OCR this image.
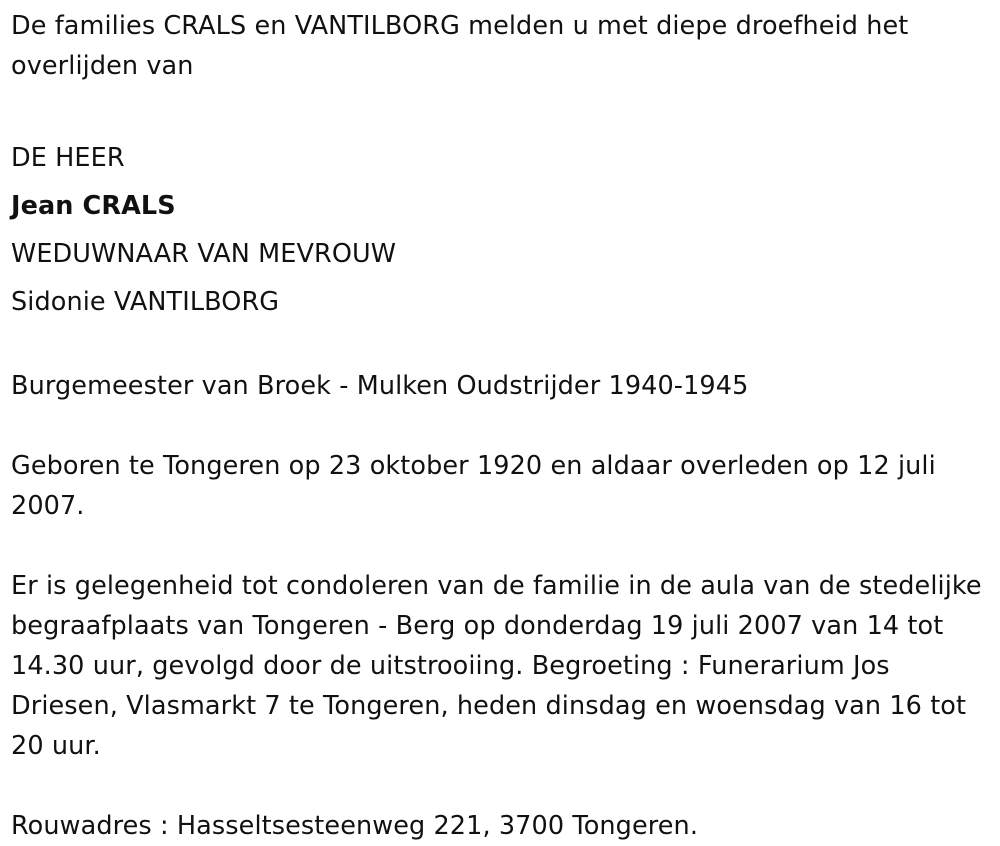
De families CRALS en VANTILBORG melden u met diepe droefheid het overlijden van

DE HEER
Jean CRALS
WEDUWNAAR VAN MEVROUW
Sidonie VANTILBORG

Burgemeester van Broek - Mulken Oudstrijder 1940-1945

Geboren te Tongeren op 23 oktober 1920 en aldaar overleden op 12 juli 2007.

Er is gelegenheid tot condoleren van de familie in de aula van de stedelijke begraafplaats van Tongeren - Berg op donderdag 19 juli 2007 van 14 tot 14.30 uur, gevolgd door de uitstrooiing. Begroeting : Funerarium Jos Driesen, Vlasmarkt 7 te Tongeren, heden dinsdag en woensdag van 16 tot 20 uur.

Rouwadres : Hasseltsesteenweg 221, 3700 Tongeren.
